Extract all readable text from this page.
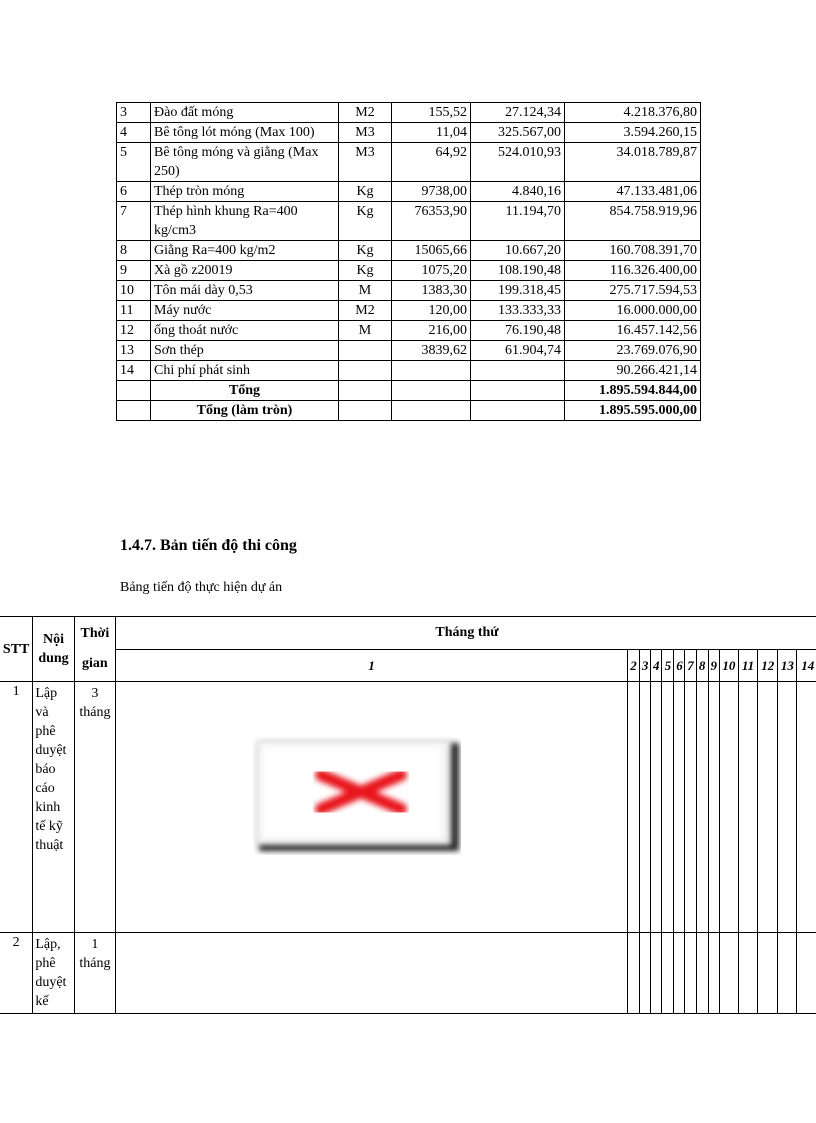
3	Đào đất móng	M2	155,52	27.124,34	4.218.376,80
4	Bê tông lót móng (Max 100)	M3	11,04	325.567,00	3.594.260,15
5	Bê tông móng và giằng (Max 250)	M3	64,92	524.010,93	34.018.789,87
6	Thép tròn móng	Kg	9738,00	4.840,16	47.133.481,06
7	Thép hình khung Ra=400 kg/cm3	Kg	76353,90	11.194,70	854.758.919,96
8	Giằng Ra=400 kg/m2	Kg	15065,66	10.667,20	160.708.391,70
9	Xà gồ z20019	Kg	1075,20	108.190,48	116.326.400,00
10	Tôn mái dày 0,53	M	1383,30	199.318,45	275.717.594,53
11	Máy nước	M2	120,00	133.333,33	16.000.000,00
12	ống thoát nước	M	216,00	76.190,48	16.457.142,56
13	Sơn thép		3839,62	61.904,74	23.769.076,90
14	Chi phí phát sinh				90.266.421,14
	Tổng				1.895.594.844,00
	Tổng (làm tròn)				1.895.595.000,00
1.4.7. Bản tiến độ thi công
Bảng tiến độ thực hiện dự án
STT	Nội dung	Thời gian	Tháng thứ													
			1	2	3	4	5	6	7	8	9	10	11	12	13	14
1	Lập và phê duyệt báo cáo kinh tế kỹ thuật	3 tháng	

2	Lập, phê duyệt kế	1 tháng														
